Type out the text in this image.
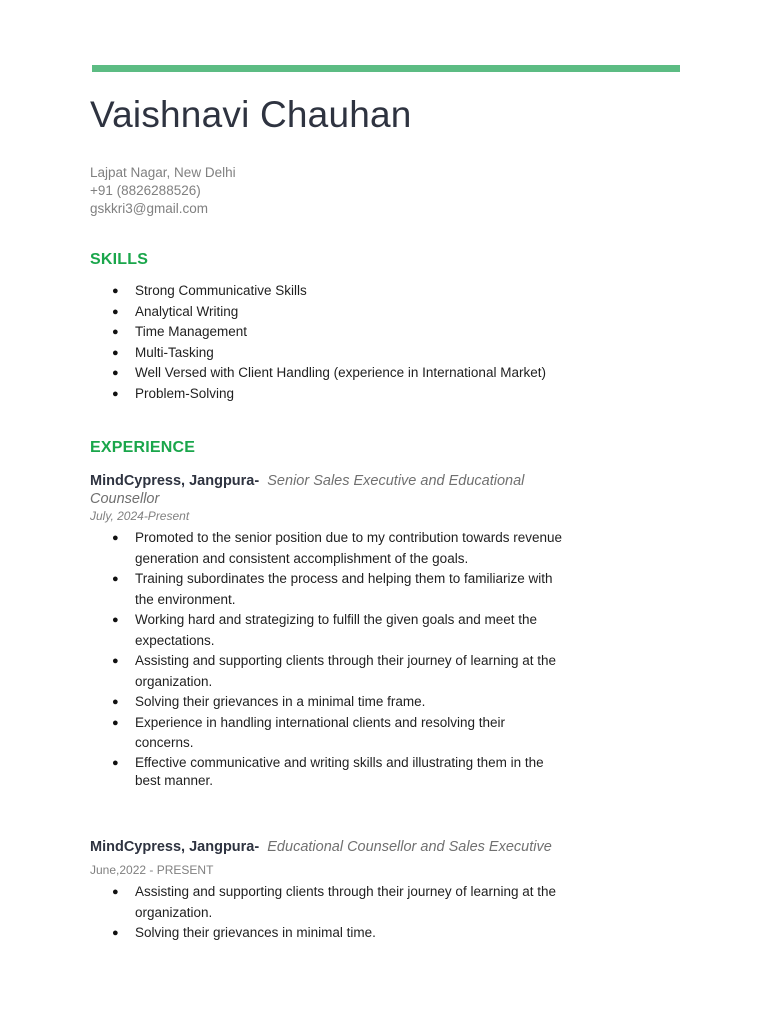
Vaishnavi Chauhan
Lajpat Nagar, New Delhi
+91 (8826288526)
gskkri3@gmail.com
SKILLS
● Strong Communicative Skills
● Analytical Writing
● Time Management
● Multi-Tasking
● Well Versed with Client Handling (experience in International Market)
● Problem-Solving
EXPERIENCE
MindCypress, Jangpura- Senior Sales Executive and Educational Counsellor
July, 2024-Present
● Promoted to the senior position due to my contribution towards revenue generation and consistent accomplishment of the goals.
● Training subordinates the process and helping them to familiarize with the environment.
● Working hard and strategizing to fulfill the given goals and meet the expectations.
● Assisting and supporting clients through their journey of learning at the organization.
● Solving their grievances in a minimal time frame.
● Experience in handling international clients and resolving their concerns.
● Effective communicative and writing skills and illustrating them in the best manner.
MindCypress, Jangpura- Educational Counsellor and Sales Executive
June,2022 - PRESENT
● Assisting and supporting clients through their journey of learning at the organization.
● Solving their grievances in minimal time.
